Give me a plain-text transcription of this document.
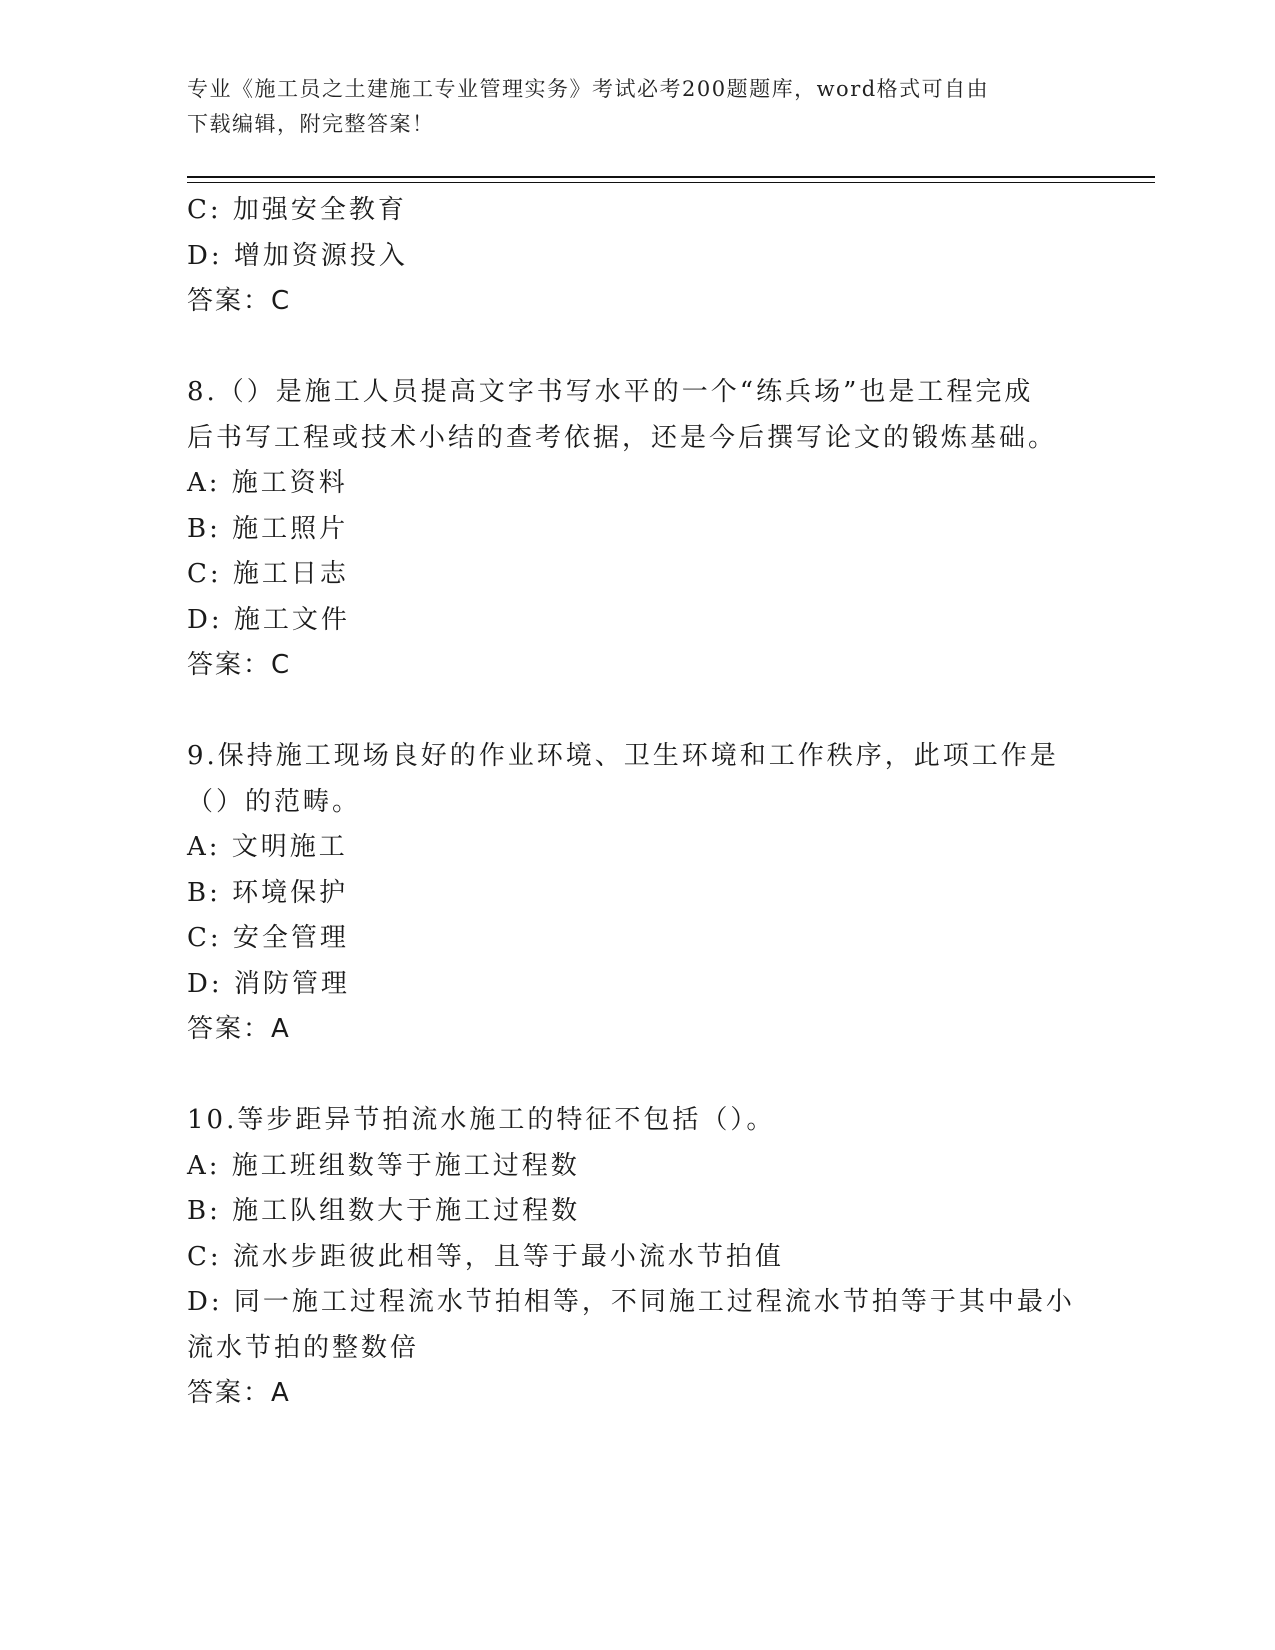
专业《施工员之土建施工专业管理实务》考试必考200题题库，word格式可自由
下载编辑，附完整答案！
C: 加强安全教育
D: 增加资源投入
答案：C
8.（）是施工人员提高文字书写水平的一个“练兵场”也是工程完成
后书写工程或技术小结的查考依据，还是今后撰写论文的锻炼基础。
A: 施工资料
B: 施工照片
C: 施工日志
D: 施工文件
答案：C
9.保持施工现场良好的作业环境、卫生环境和工作秩序，此项工作是
（）的范畴。
A: 文明施工
B: 环境保护
C: 安全管理
D: 消防管理
答案：A
10.等步距异节拍流水施工的特征不包括（）。
A: 施工班组数等于施工过程数
B: 施工队组数大于施工过程数
C: 流水步距彼此相等，且等于最小流水节拍值
D: 同一施工过程流水节拍相等，不同施工过程流水节拍等于其中最小
流水节拍的整数倍
答案：A
